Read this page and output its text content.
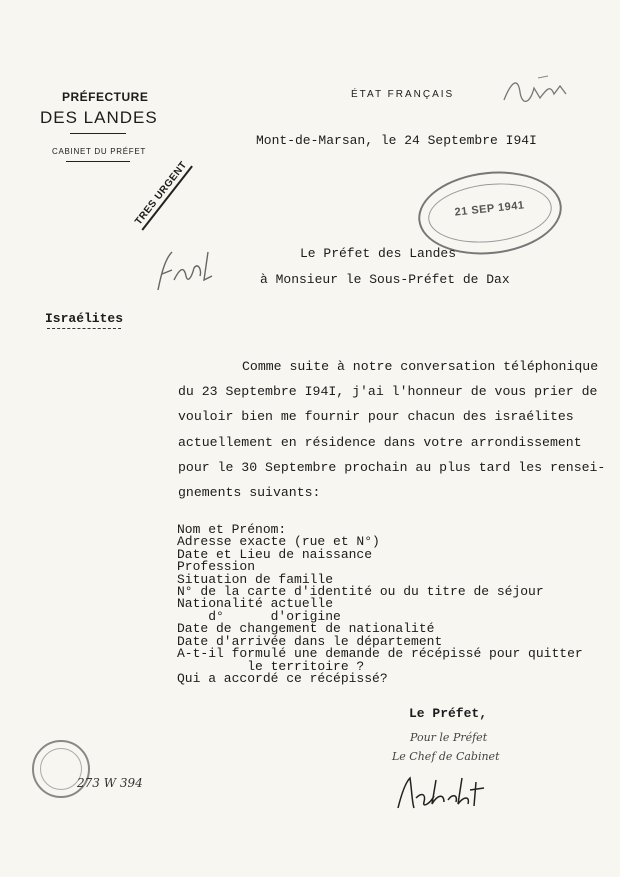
PRÉFECTURE
DES LANDES
CABINET DU PRÉFET
ÉTAT FRANÇAIS
Mont-de-Marsan, le 24 Septembre I94I
TRES URGENT	21 SEP 1941
Le Préfet des Landes
à Monsieur le Sous-Préfet de Dax
Israélites
Comme suite à notre conversation téléphonique
du 23 Septembre I94I, j'ai l'honneur de vous prier de
vouloir bien me fournir pour chacun des israélites
actuellement en résidence dans votre arrondissement
pour le 30 Septembre prochain au plus tard les rensei-
gnements suivants:
Nom et Prénom:
Adresse exacte (rue et N°)
Date et Lieu de naissance
Profession
Situation de famille
N° de la carte d'identité ou du titre de séjour
Nationalité actuelle
d°      d'origine
Date de changement de nationalité
Date d'arrivée dans le département
A-t-il formulé une demande de récépissé pour quitter
le territoire ?
Qui a accordé ce récépissé?
Le Préfet,
Pour le Préfet
Le Chef de Cabinet
273 W 394
